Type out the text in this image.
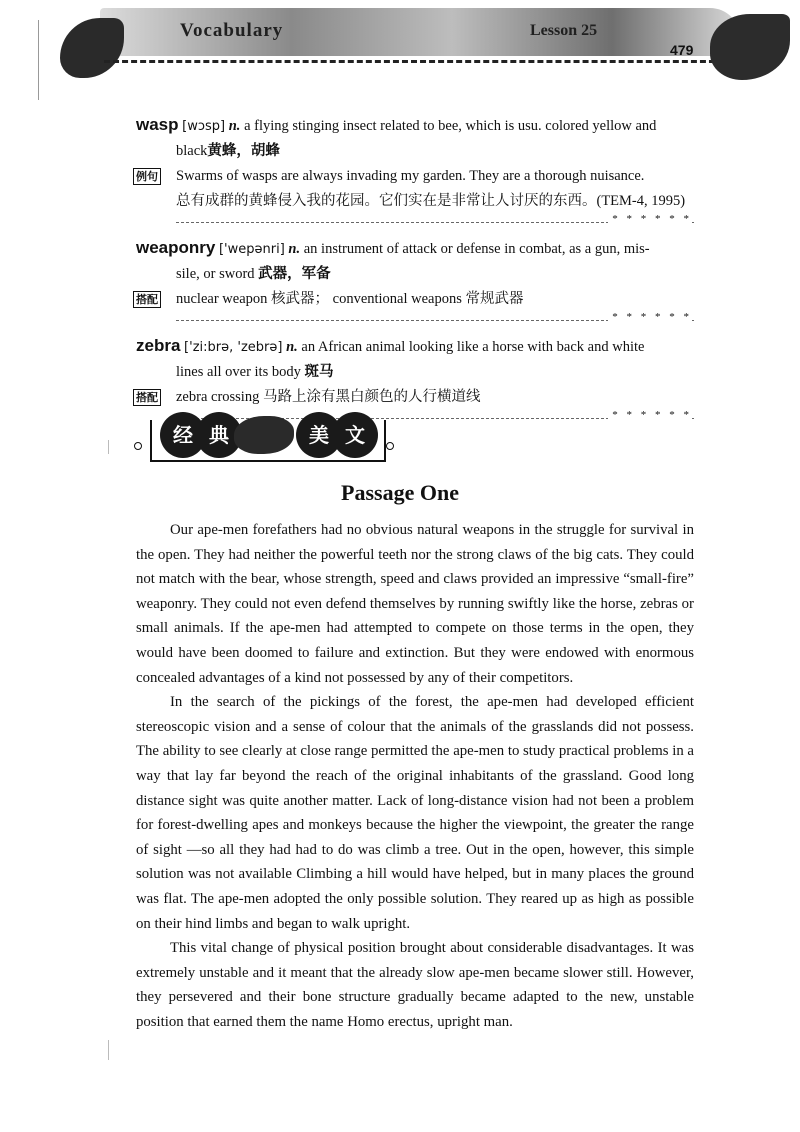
Vocabulary	Lesson 25
479
wasp [wɔsp] n. a flying stinging insect related to bee, which is usu. colored yellow and
black黄蜂，胡蜂
例句 Swarms of wasps are always invading my garden. They are a thorough nuisance.
总有成群的黄蜂侵入我的花园。它们实在是非常让人讨厌的东西。(TEM-4, 1995)
* * * * * *
weaponry ['wepənri] n. an instrument of attack or defense in combat, as a gun, mis-
sile, or sword 武器，军备
搭配 nuclear weapon 核武器； conventional weapons 常规武器
* * * * * *
zebra ['zi:brə, 'zebrə] n. an African animal looking like a horse with back and white
lines all over its body 斑马
搭配 zebra crossing 马路上涂有黑白颜色的人行横道线
* * * * * *
经 典	美 文
Passage One

Our ape-men forefathers had no obvious natural weapons in the struggle for survival in the open. They had neither the powerful teeth nor the strong claws of the big cats. They could not match with the bear, whose strength, speed and claws provided an impressive “small-fire” weaponry. They could not even defend themselves by running swiftly like the horse, zebras or small animals. If the ape-men had attempted to compete on those terms in the open, they would have been doomed to failure and extinction. But they were endowed with enormous concealed advantages of a kind not possessed by any of their competitors.

In the search of the pickings of the forest, the ape-men had developed efficient stereoscopic vision and a sense of colour that the animals of the grasslands did not possess. The ability to see clearly at close range permitted the ape-men to study practical problems in a way that lay far beyond the reach of the original inhabitants of the grassland. Good long distance sight was quite another matter. Lack of long-distance vision had not been a problem for forest-dwelling apes and monkeys because the higher the viewpoint, the greater the range of sight —so all they had had to do was climb a tree. Out in the open, however, this simple solution was not available Climbing a hill would have helped, but in many places the ground was flat. The ape-men adopted the only possible solution. They reared up as high as possible on their hind limbs and began to walk upright.

This vital change of physical position brought about considerable disadvantages. It was extremely unstable and it meant that the already slow ape-men became slower still. However, they persevered and their bone structure gradually became adapted to the new, unstable position that earned them the name Homo erectus, upright man.
